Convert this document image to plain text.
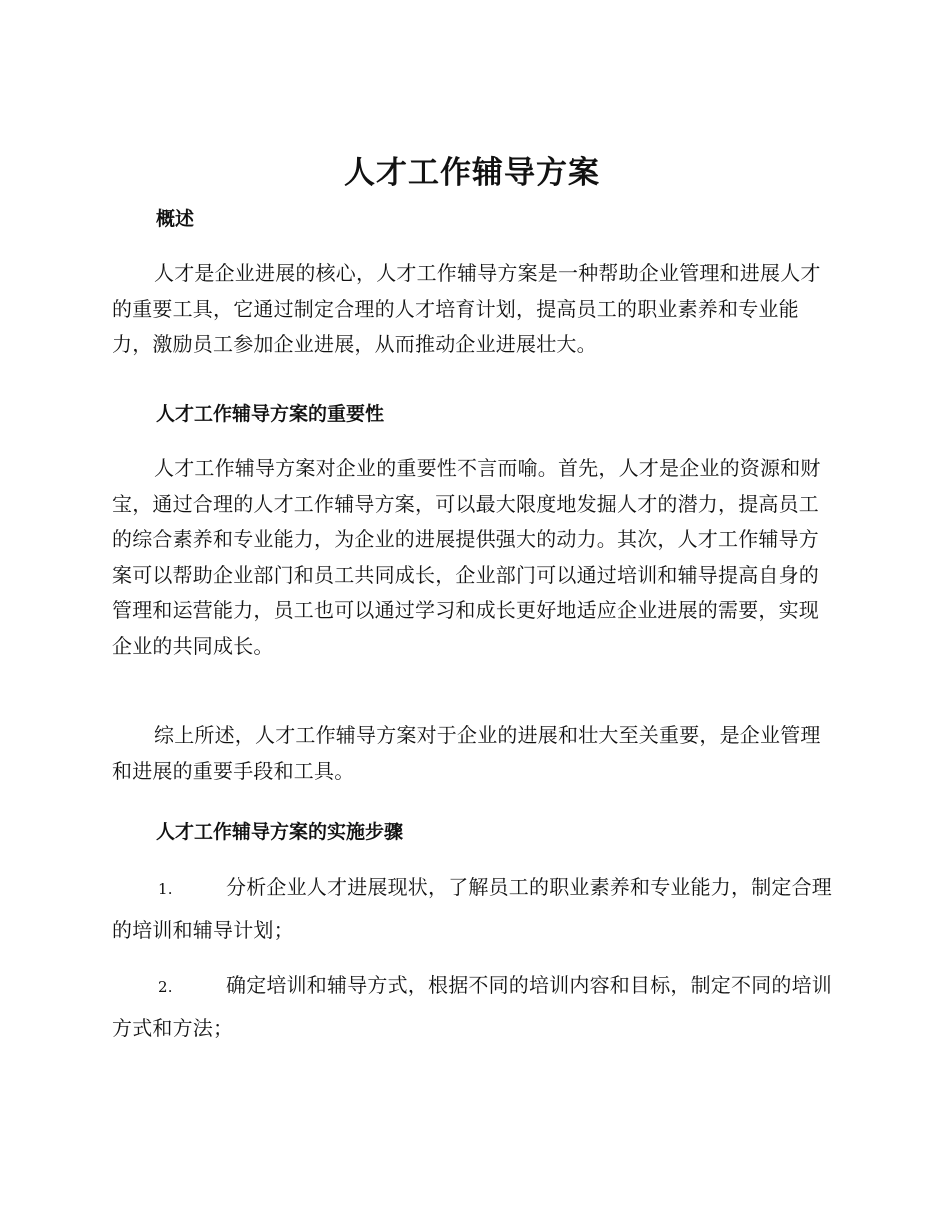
人才工作辅导方案
概述

人才是企业进展的核心，人才工作辅导方案是一种帮助企业管理和进展人才的重要工具，它通过制定合理的人才培育计划，提高员工的职业素养和专业能力，激励员工参加企业进展，从而推动企业进展壮大。

人才工作辅导方案的重要性

人才工作辅导方案对企业的重要性不言而喻。首先，人才是企业的资源和财宝，通过合理的人才工作辅导方案，可以最大限度地发掘人才的潜力，提高员工的综合素养和专业能力，为企业的进展提供强大的动力。其次，人才工作辅导方案可以帮助企业部门和员工共同成长，企业部门可以通过培训和辅导提高自身的管理和运营能力，员工也可以通过学习和成长更好地适应企业进展的需要，实现企业的共同成长。

综上所述，人才工作辅导方案对于企业的进展和壮大至关重要，是企业管理和进展的重要手段和工具。

人才工作辅导方案的实施步骤

1.	分析企业人才进展现状，了解员工的职业素养和专业能力，制定合理的培训和辅导计划；

2.	确定培训和辅导方式，根据不同的培训内容和目标，制定不同的培训方式和方法；
